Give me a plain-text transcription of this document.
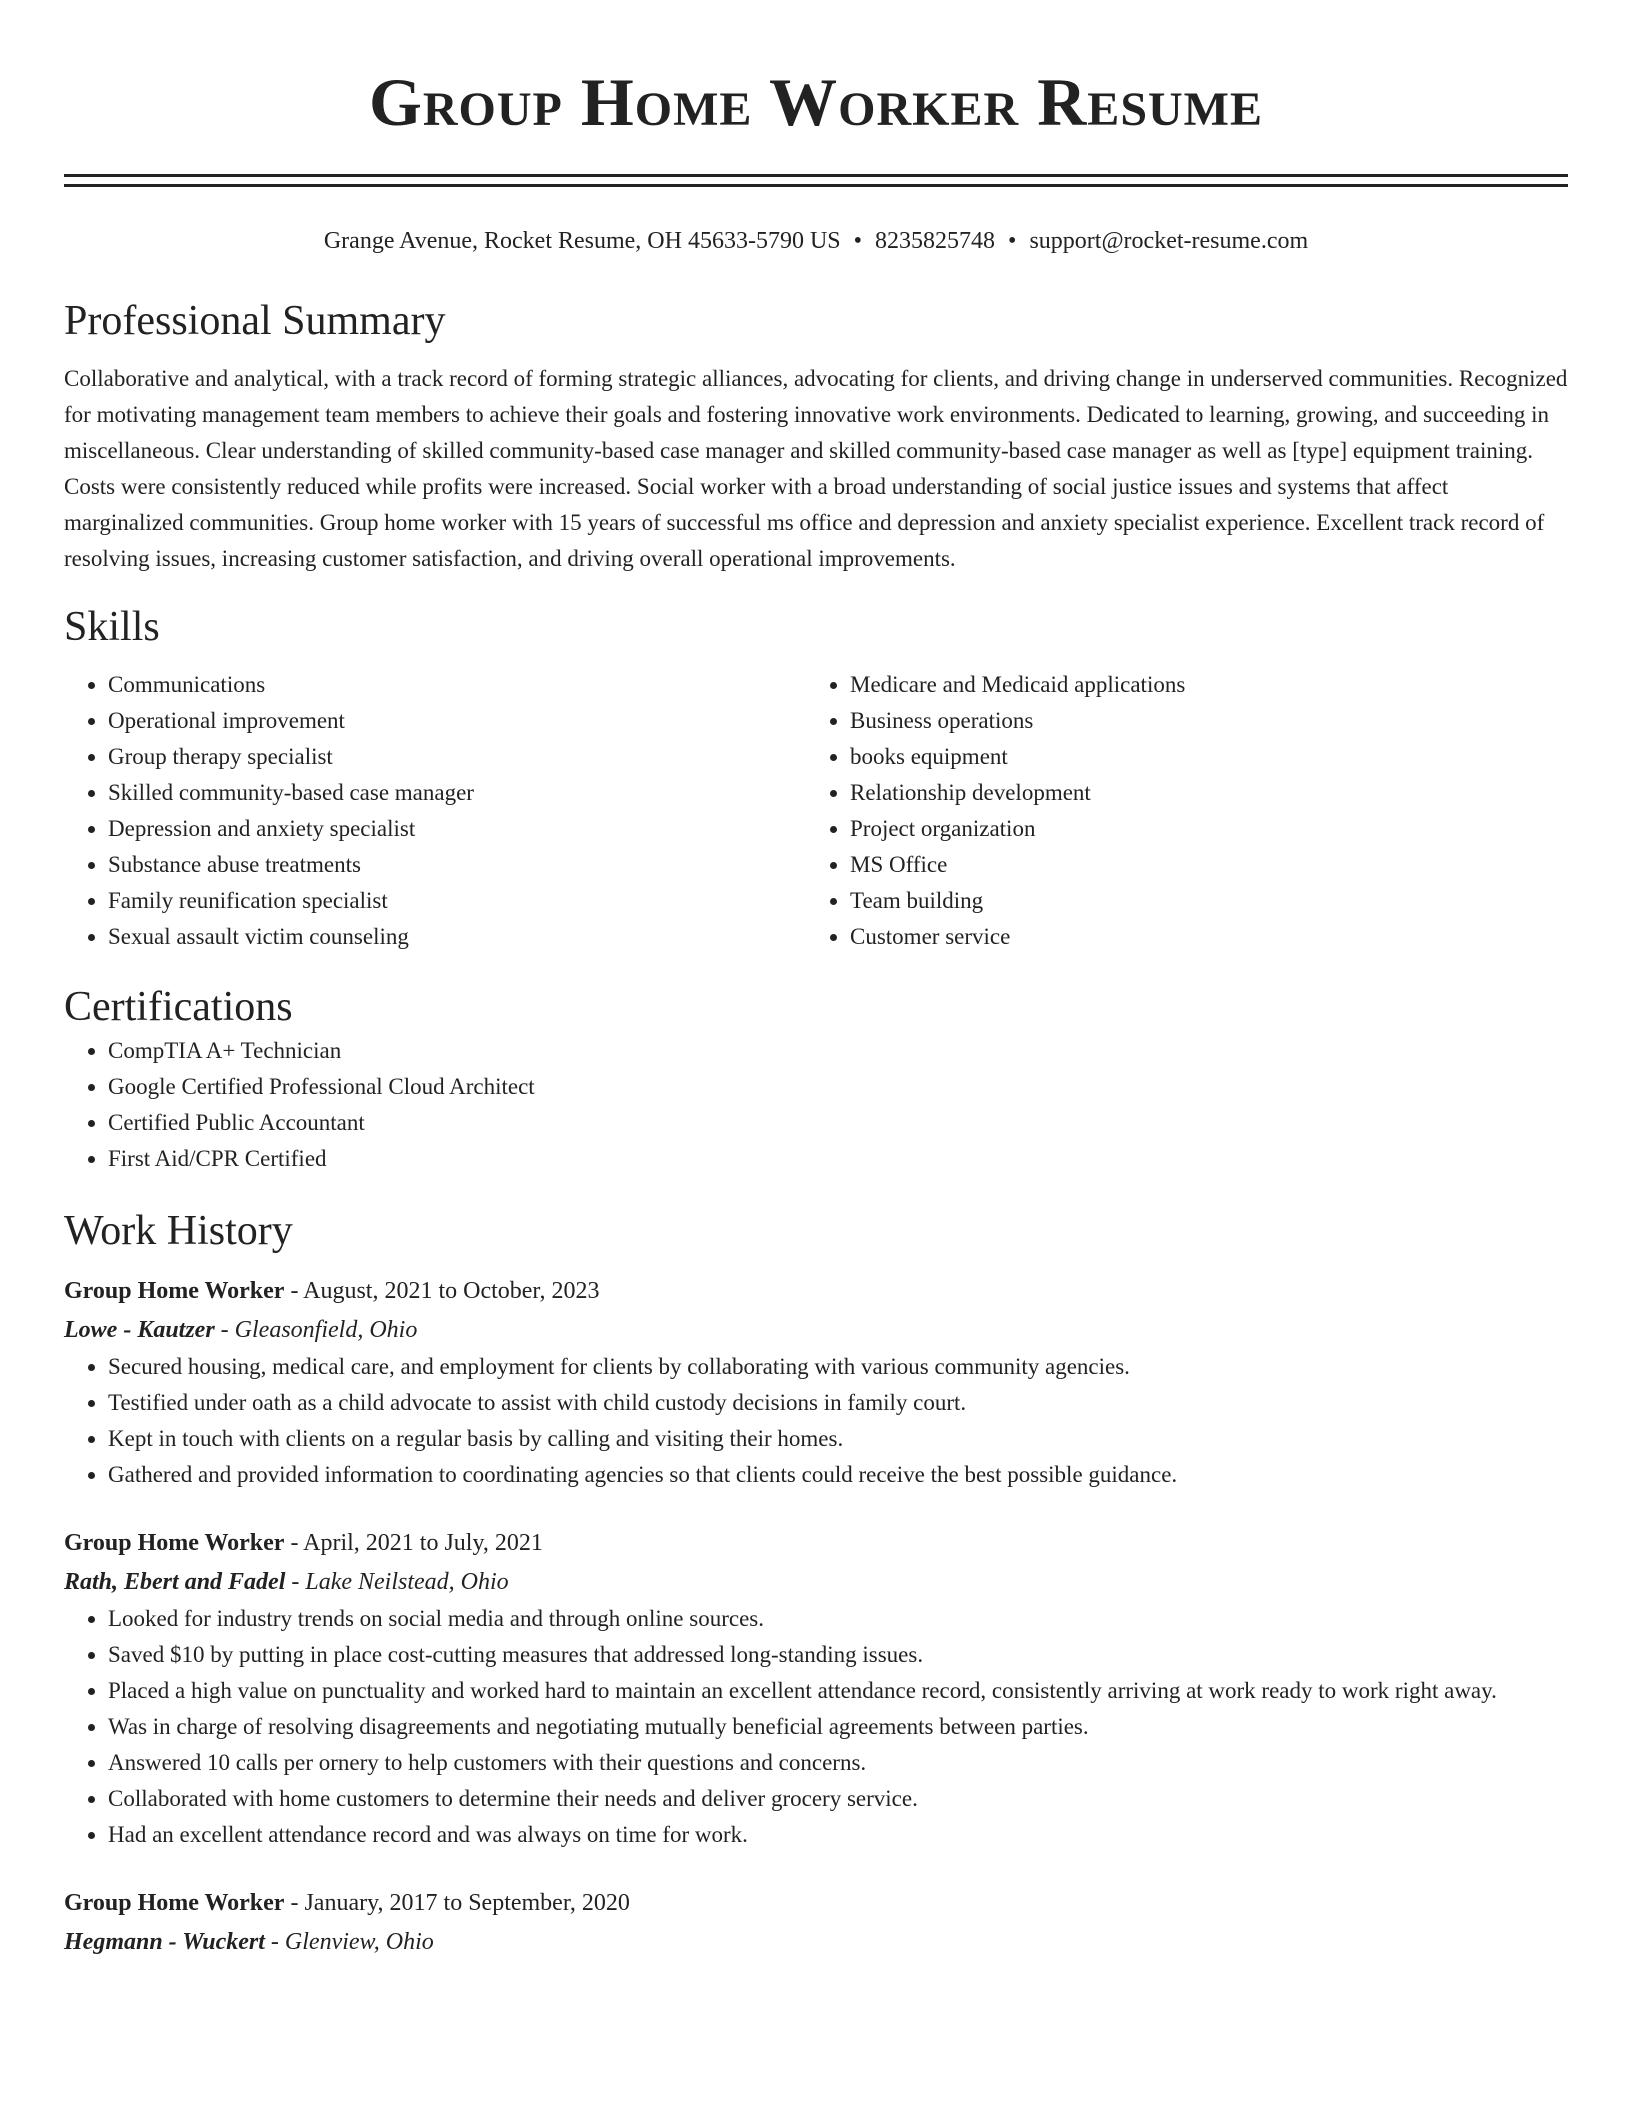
Group Home Worker Resume
Grange Avenue, Rocket Resume, OH 45633-5790 US • 8235825748 • support@rocket-resume.com
Professional Summary

Collaborative and analytical, with a track record of forming strategic alliances, advocating for clients, and driving change in underserved communities. Recognized for motivating management team members to achieve their goals and fostering innovative work environments. Dedicated to learning, growing, and succeeding in miscellaneous. Clear understanding of skilled community-based case manager and skilled community-based case manager as well as [type] equipment training. Costs were consistently reduced while profits were increased. Social worker with a broad understanding of social justice issues and systems that affect marginalized communities. Group home worker with 15 years of successful ms office and depression and anxiety specialist experience. Excellent track record of resolving issues, increasing customer satisfaction, and driving overall operational improvements.

Skills
• Communications
• Operational improvement
• Group therapy specialist
• Skilled community-based case manager
• Depression and anxiety specialist
• Substance abuse treatments
• Family reunification specialist
• Sexual assault victim counseling
• Medicare and Medicaid applications
• Business operations
• books equipment
• Relationship development
• Project organization
• MS Office
• Team building
• Customer service
Certifications
• CompTIA A+ Technician
• Google Certified Professional Cloud Architect
• Certified Public Accountant
• First Aid/CPR Certified
Work History
Group Home Worker - August, 2021 to October, 2023
Lowe - Kautzer - Gleasonfield, Ohio
• Secured housing, medical care, and employment for clients by collaborating with various community agencies.
• Testified under oath as a child advocate to assist with child custody decisions in family court.
• Kept in touch with clients on a regular basis by calling and visiting their homes.
• Gathered and provided information to coordinating agencies so that clients could receive the best possible guidance.
Group Home Worker - April, 2021 to July, 2021
Rath, Ebert and Fadel - Lake Neilstead, Ohio
• Looked for industry trends on social media and through online sources.
• Saved $10 by putting in place cost-cutting measures that addressed long-standing issues.
• Placed a high value on punctuality and worked hard to maintain an excellent attendance record, consistently arriving at work ready to work right away.
• Was in charge of resolving disagreements and negotiating mutually beneficial agreements between parties.
• Answered 10 calls per ornery to help customers with their questions and concerns.
• Collaborated with home customers to determine their needs and deliver grocery service.
• Had an excellent attendance record and was always on time for work.
Group Home Worker - January, 2017 to September, 2020
Hegmann - Wuckert - Glenview, Ohio
